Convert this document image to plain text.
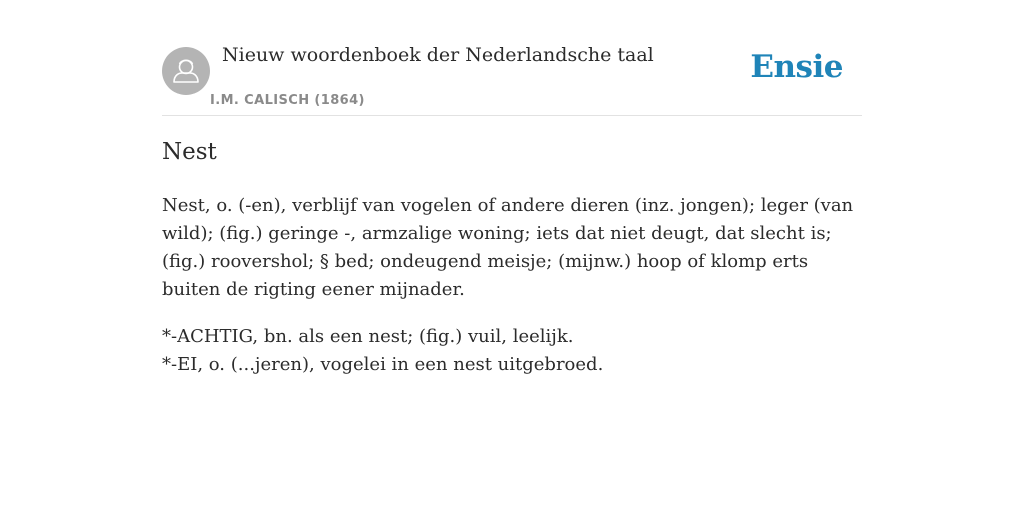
Nieuw woordenboek der Nederlandsche taal
I.M. CALISCH (1864)
Ensie
Nest

Nest, o. (-en), verblijf van vogelen of andere dieren (inz. jongen); leger (van wild); (fig.) geringe -, armzalige woning; iets dat niet deugt, dat slecht is; (fig.) roovershol; § bed; ondeugend meisje; (mijnw.) hoop of klomp erts buiten de rigting eener mijnader.

*-ACHTIG, bn. als een nest; (fig.) vuil, leelijk.
*-EI, o. (...jeren), vogelei in een nest uitgebroed.
